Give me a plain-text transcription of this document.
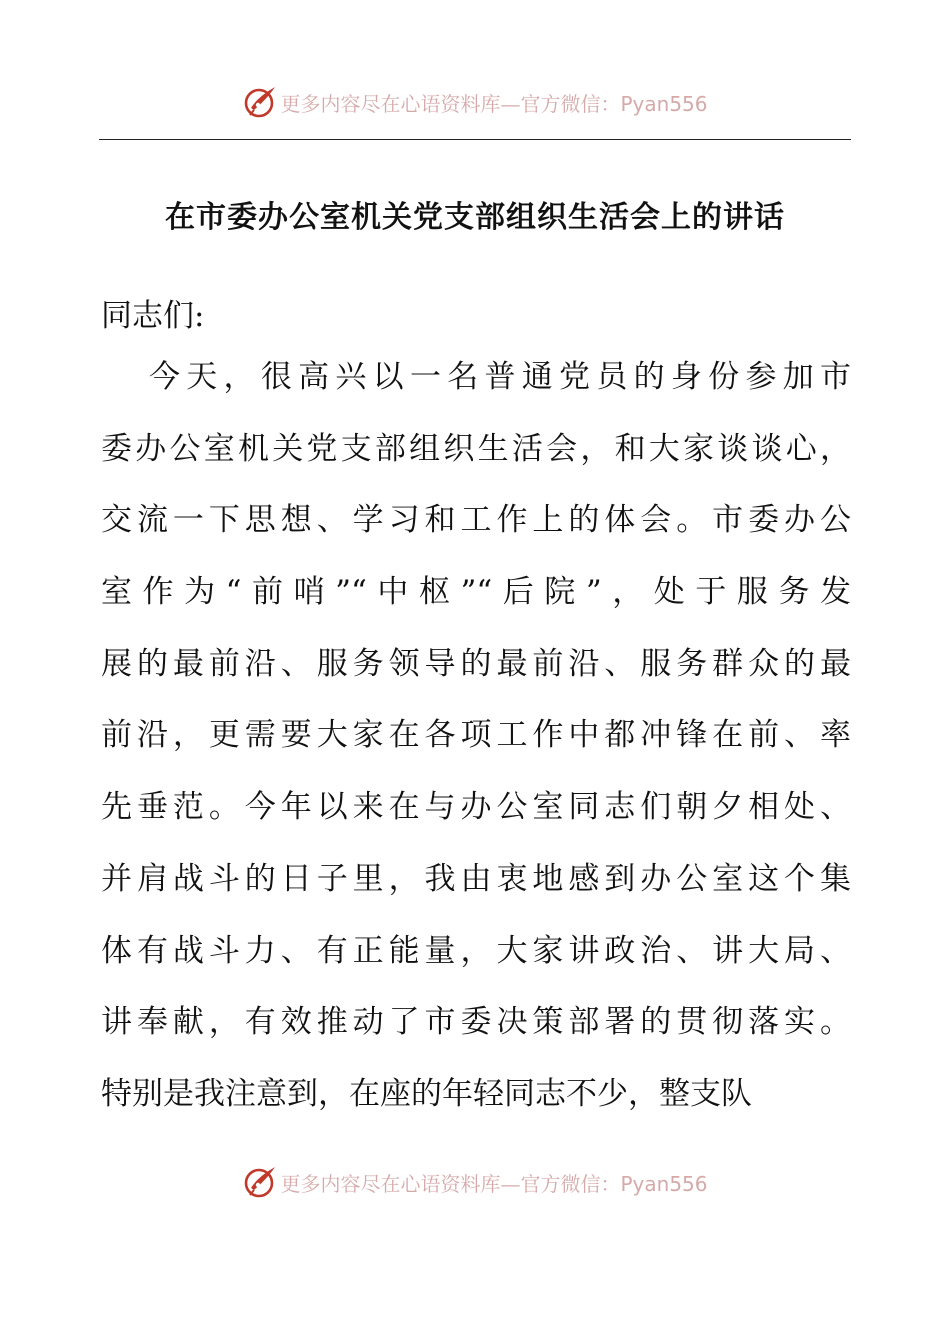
更多内容尽在心语资料库—官方微信：Pyan556
在市委办公室机关党支部组织生活会上的讲话
同志们:
今天，很高兴以一名普通党员的身份参加市
委办公室机关党支部组织生活会，和大家谈谈心，
交流一下思想、学习和工作上的体会。市委办公
室作为“前哨”“中枢”“后院”，处于服务发
展的最前沿、服务领导的最前沿、服务群众的最
前沿，更需要大家在各项工作中都冲锋在前、率
先垂范。今年以来在与办公室同志们朝夕相处、
并肩战斗的日子里，我由衷地感到办公室这个集
体有战斗力、有正能量，大家讲政治、讲大局、
讲奉献，有效推动了市委决策部署的贯彻落实。
特别是我注意到，在座的年轻同志不少，整支队
更多内容尽在心语资料库—官方微信：Pyan556
